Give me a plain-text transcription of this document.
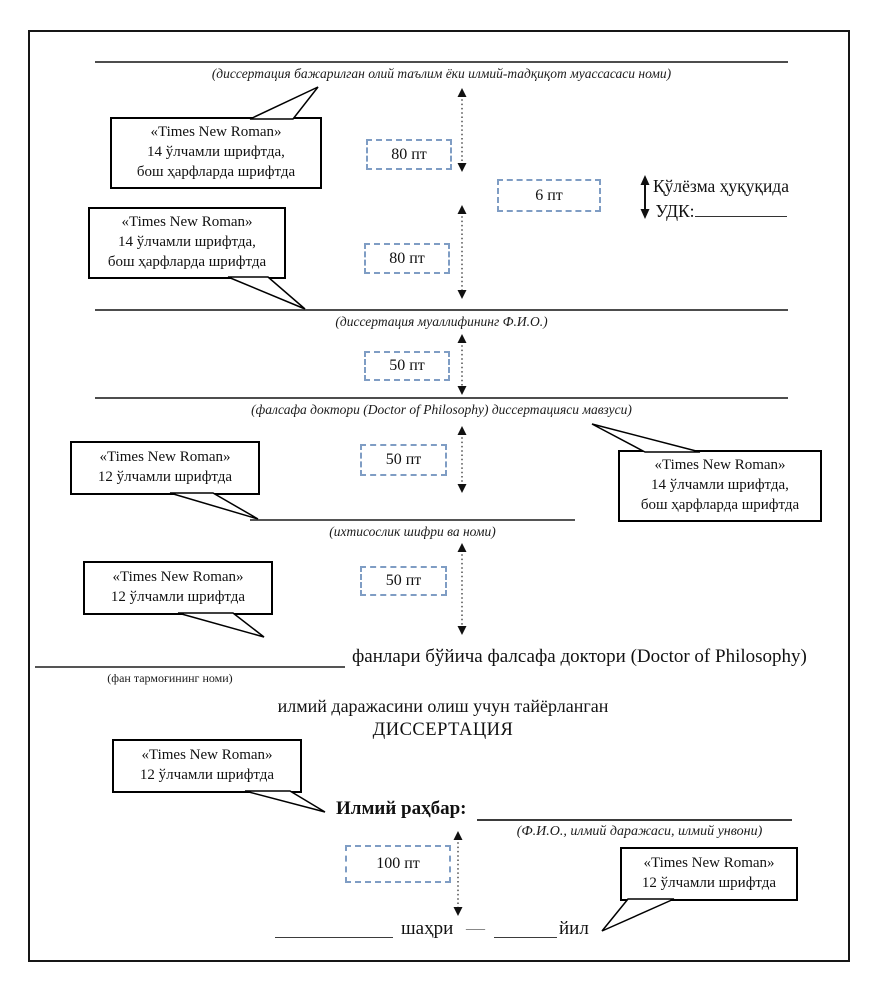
(диссертация бажарилган олий таълим ёки илмий-тадқиқот муассасаси номи)
«Times New Roman»
14 ўлчамли шрифтда,
бош ҳарфларда шрифтда
«Times New Roman»
14 ўлчамли шрифтда,
бош ҳарфларда шрифтда
80 пт
6 пт
80 пт
Қўлёзма ҳуқуқида
УДК:
(диссертация муаллифининг Ф.И.О.)
50 пт
(фалсафа доктори (Doctor of Philosophy) диссертацияси мавзуси)
50 пт
«Times New Roman»
12 ўлчамли шрифтда
«Times New Roman»
14 ўлчамли шрифтда,
бош ҳарфларда шрифтда
(ихтисослик шифри ва номи)
50 пт
«Times New Roman»
12 ўлчамли шрифтда
(фан тармоғининг номи)
фанлари бўйича фалсафа доктори (Doctor of Philosophy)
илмий даражасини олиш учун тайёрланган
ДИССЕРТАЦИЯ
«Times New Roman»
12 ўлчамли шрифтда
Илмий раҳбар:
(Ф.И.О., илмий даражаси, илмий унвони)
100 пт	«Times New Roman»
12 ўлчамли шрифтда
шаҳри —	йил
